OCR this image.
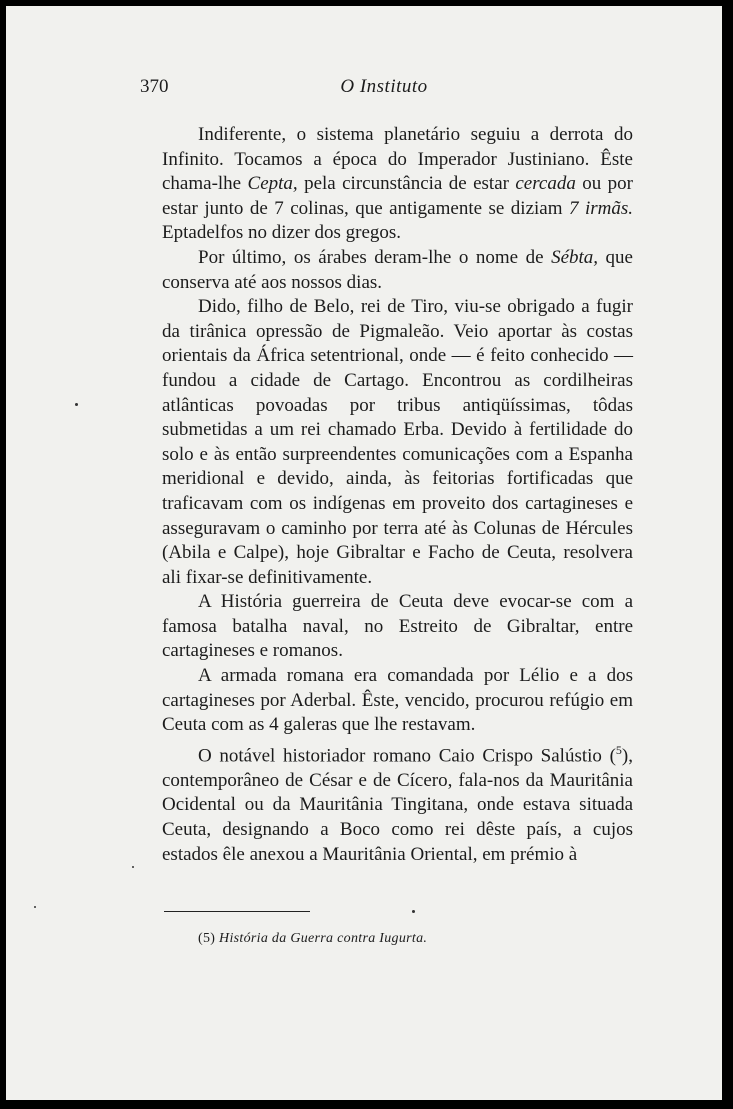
370	O Instituto

Indiferente, o sistema planetário seguiu a derrota do Infinito. Tocamos a época do Imperador Justiniano. Êste chama-lhe Cepta, pela circunstância de estar cercada ou por estar junto de 7 colinas, que antigamente se diziam 7 irmãs. Eptadelfos no dizer dos gregos.

Por último, os árabes deram-lhe o nome de Sébta, que conserva até aos nossos dias.

Dido, filho de Belo, rei de Tiro, viu-se obrigado a fugir da tirânica opressão de Pigmaleão. Veio aportar às costas orientais da África setentrional, onde — é feito conhecido — fundou a cidade de Cartago. Encontrou as cordilheiras atlânticas povoadas por tribus antiqüíssimas, tôdas submetidas a um rei chamado Erba. Devido à fertilidade do solo e às então surpreendentes comunicações com a Espanha meridional e devido, ainda, às feitorias fortificadas que traficavam com os indígenas em proveito dos cartagineses e asseguravam o caminho por terra até às Colunas de Hércules (Abila e Calpe), hoje Gibraltar e Facho de Ceuta, resolvera ali fixar-se definitivamente.

A História guerreira de Ceuta deve evocar-se com a famosa batalha naval, no Estreito de Gibraltar, entre cartagineses e romanos.

A armada romana era comandada por Lélio e a dos cartagineses por Aderbal. Êste, vencido, procurou refúgio em Ceuta com as 4 galeras que lhe restavam.

O notável historiador romano Caio Crispo Salústio ($^5$), contemporâneo de César e de Cícero, fala-nos da Mauritânia Ocidental ou da Mauritânia Tingitana, onde estava situada Ceuta, designando a Boco como rei dêste país, a cujos estados êle anexou a Mauritânia Oriental, em prémio à

(5) História da Guerra contra Iugurta.
